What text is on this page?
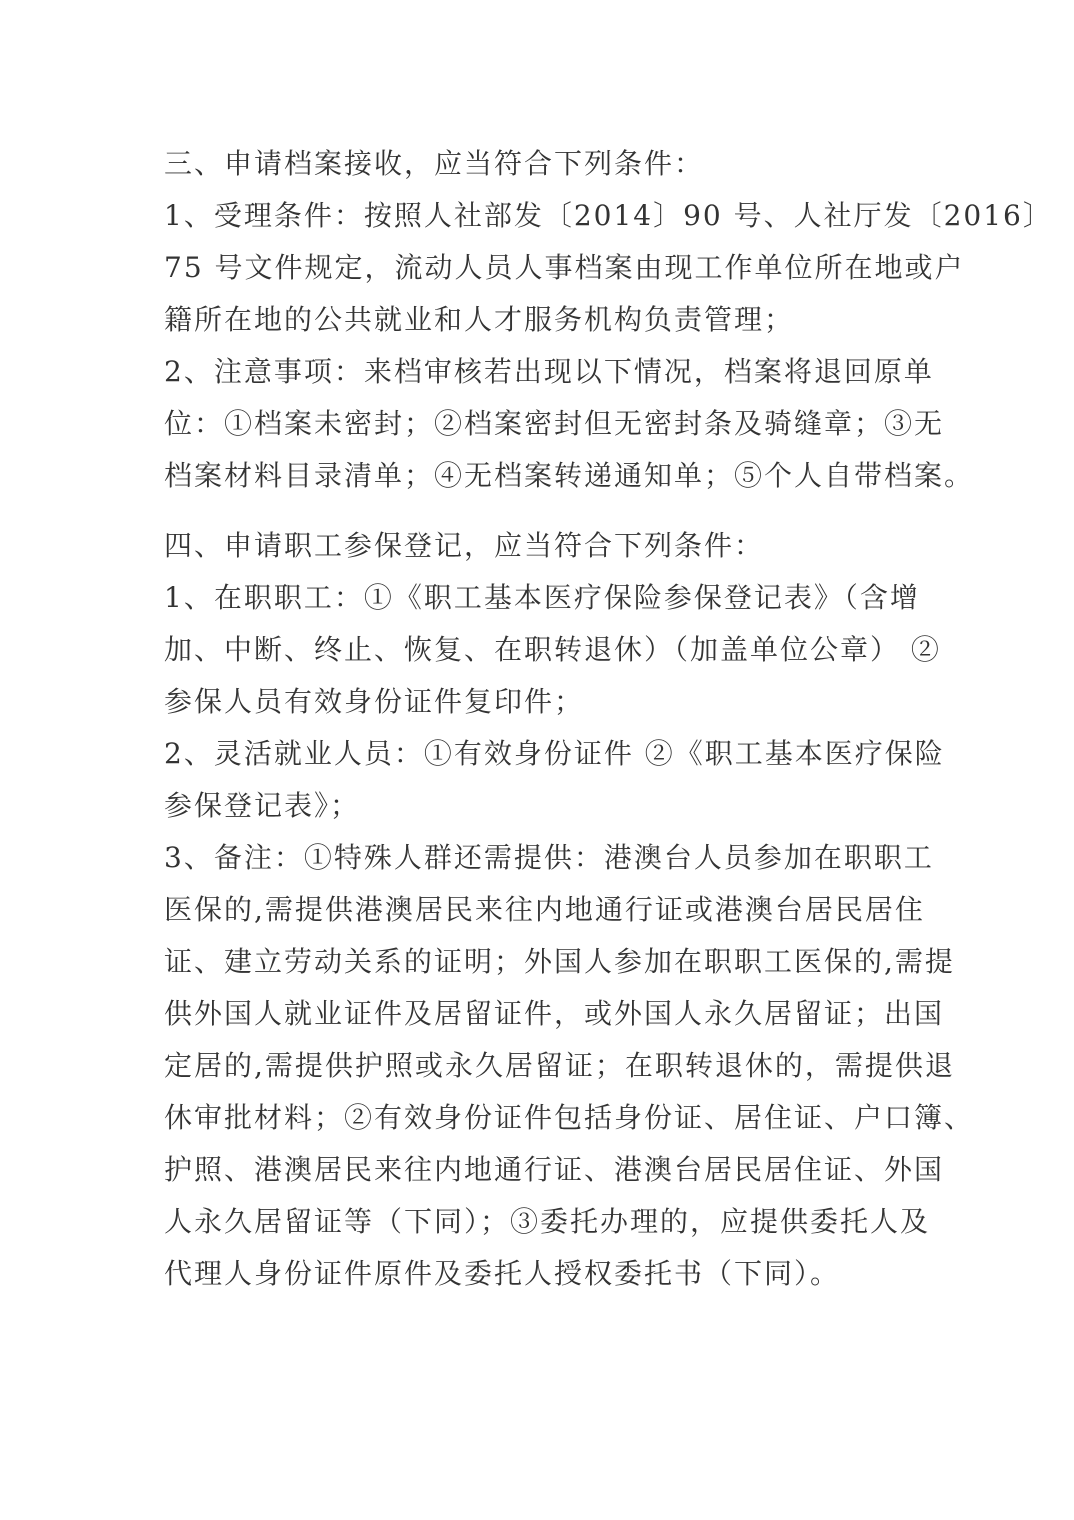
三、申请档案接收，应当符合下列条件：
1、受理条件：按照人社部发〔2014〕90 号、人社厅发〔2016〕
75 号文件规定，流动人员人事档案由现工作单位所在地或户
籍所在地的公共就业和人才服务机构负责管理；
2、注意事项：来档审核若出现以下情况，档案将退回原单
位：①档案未密封；②档案密封但无密封条及骑缝章；③无
档案材料目录清单；④无档案转递通知单；⑤个人自带档案。
四、申请职工参保登记，应当符合下列条件：
1、在职职工：①《职工基本医疗保险参保登记表》（含增
加、中断、终止、恢复、在职转退休）（加盖单位公章） ②
参保人员有效身份证件复印件；
2、灵活就业人员：①有效身份证件 ②《职工基本医疗保险
参保登记表》；
3、备注：①特殊人群还需提供：港澳台人员参加在职职工
医保的,需提供港澳居民来往内地通行证或港澳台居民居住
证、建立劳动关系的证明；外国人参加在职职工医保的,需提
供外国人就业证件及居留证件，或外国人永久居留证；出国
定居的,需提供护照或永久居留证；在职转退休的，需提供退
休审批材料；②有效身份证件包括身份证、居住证、户口簿、
护照、港澳居民来往内地通行证、港澳台居民居住证、外国
人永久居留证等（下同）；③委托办理的，应提供委托人及
代理人身份证件原件及委托人授权委托书（下同）。
